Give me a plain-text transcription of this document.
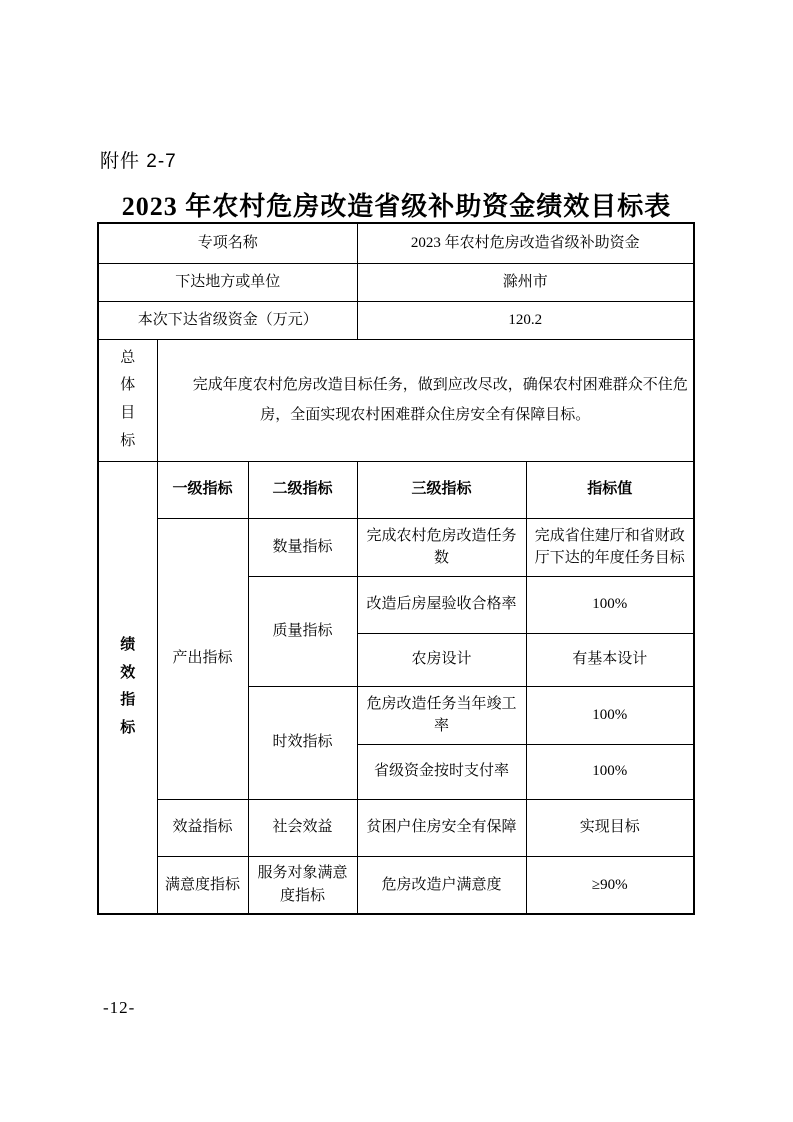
附件 2-7
2023 年农村危房改造省级补助资金绩效目标表
专项名称			2023 年农村危房改造省级补助资金	
下达地方或单位			滁州市	
本次下达省级资金（万元）			120.2	

总体目标	完成年度农村危房改造目标任务，做到应改尽改，确保农村困难群众不住危房，全面实现农村困难群众住房安全有保障目标。			

绩效指标	一级指标	二级指标	三级指标	指标值
	产出指标	数量指标	完成农村危房改造任务数	完成省住建厅和省财政厅下达的年度任务目标
		质量指标	改造后房屋验收合格率	100%
			农房设计	有基本设计
		时效指标	危房改造任务当年竣工率	100%
			省级资金按时支付率	100%
	效益指标	社会效益	贫困户住房安全有保障	实现目标
	满意度指标	服务对象满意度指标	危房改造户满意度	≥90%
-12-
